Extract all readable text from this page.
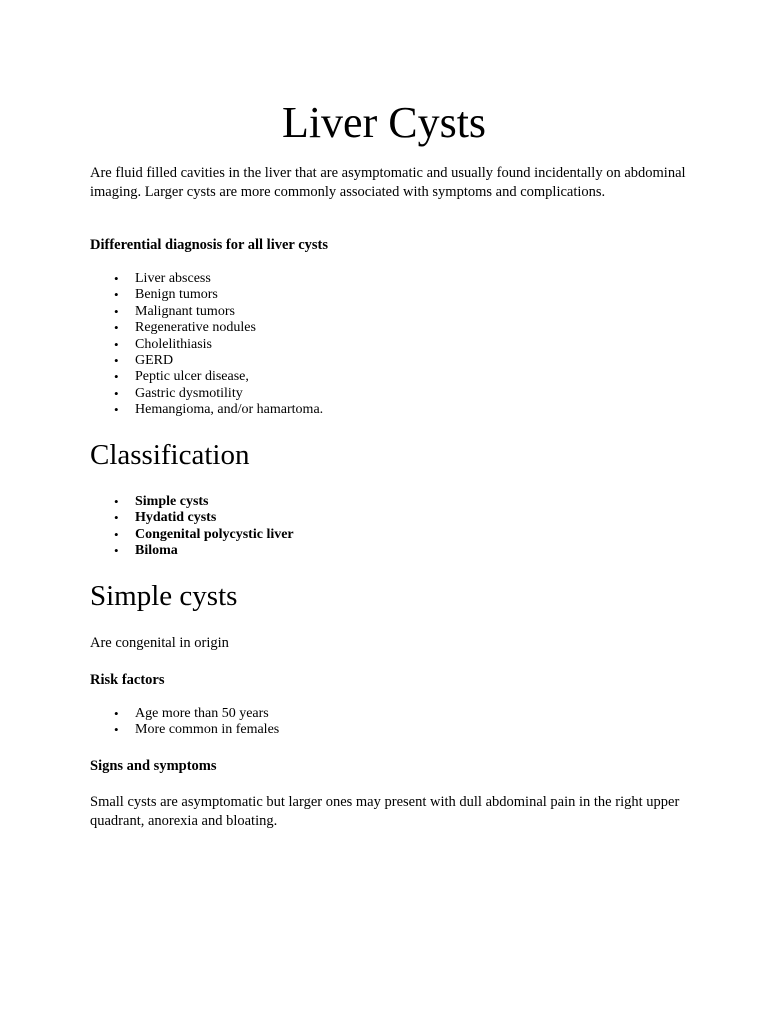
Liver Cysts

Are fluid filled cavities in the liver that are asymptomatic and usually found incidentally on abdominal imaging. Larger cysts are more commonly associated with symptoms and complications.

Differential diagnosis for all liver cysts

• Liver abscess
• Benign tumors
• Malignant tumors
• Regenerative nodules
• Cholelithiasis
• GERD
• Peptic ulcer disease,
• Gastric dysmotility
• Hemangioma, and/or hamartoma.
Classification
• Simple cysts
• Hydatid cysts
• Congenital polycystic liver
• Biloma
Simple cysts

Are congenital in origin

Risk factors

• Age more than 50 years
• More common in females

Signs and symptoms

Small cysts are asymptomatic but larger ones may present with dull abdominal pain in the right upper quadrant, anorexia and bloating.
